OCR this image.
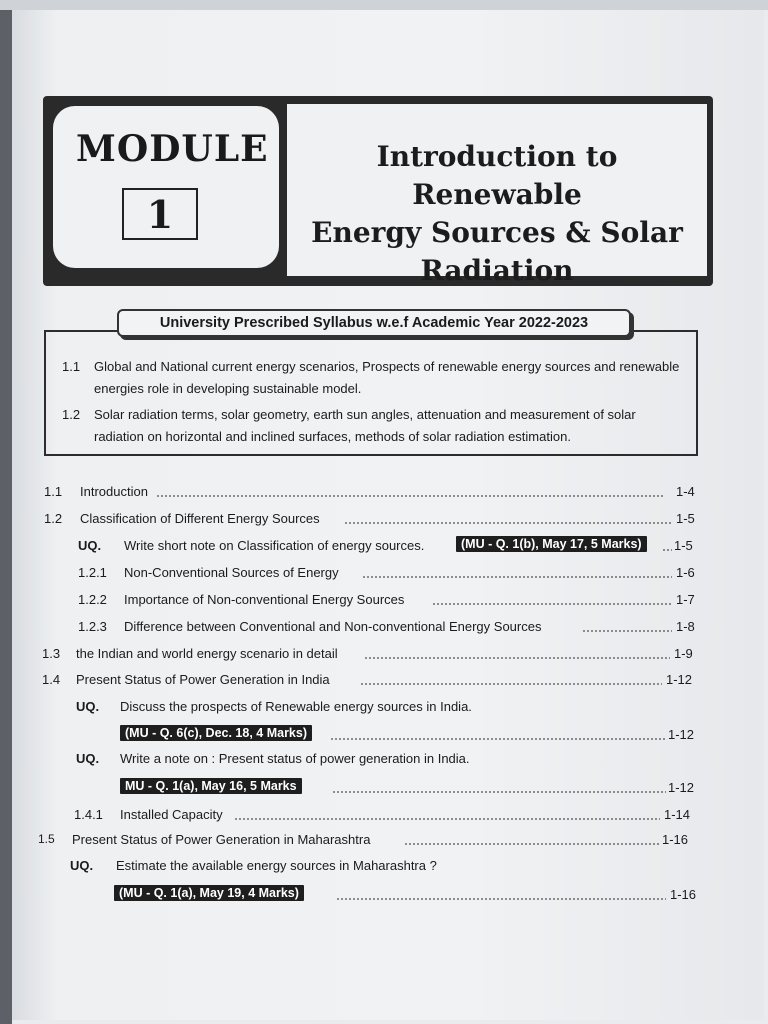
MODULE
1
Introduction to Renewable
Energy Sources & Solar
Radiation
University Prescribed Syllabus w.e.f Academic Year 2022-2023
1.1 Global and National current energy scenarios, Prospects of renewable energy sources and renewable energies role in developing sustainable model.
1.2 Solar radiation terms, solar geometry, earth sun angles, attenuation and measurement of solar radiation on horizontal and inclined surfaces, methods of solar radiation estimation.
1.1 Introduction	1-4
1.2 Classification of Different Energy Sources	1-5
UQ. Write short note on Classification of energy sources.	(MU - Q. 1(b), May 17, 5 Marks)	1-5
1.2.1 Non-Conventional Sources of Energy	1-6
1.2.2 Importance of Non-conventional Energy Sources	1-7
1.2.3 Difference between Conventional and Non-conventional Energy Sources	1-8
1.3 the Indian and world energy scenario in detail	1-9
1.4 Present Status of Power Generation in India	1-12
UQ. Discuss the prospects of Renewable energy sources in India.
(MU - Q. 6(c), Dec. 18, 4 Marks)	1-12
UQ. Write a note on : Present status of power generation in India.
MU - Q. 1(a), May 16, 5 Marks	1-12
1.4.1 Installed Capacity	1-14
1.5 Present Status of Power Generation in Maharashtra	1-16
UQ. Estimate the available energy sources in Maharashtra ?
(MU - Q. 1(a), May 19, 4 Marks)	1-16
